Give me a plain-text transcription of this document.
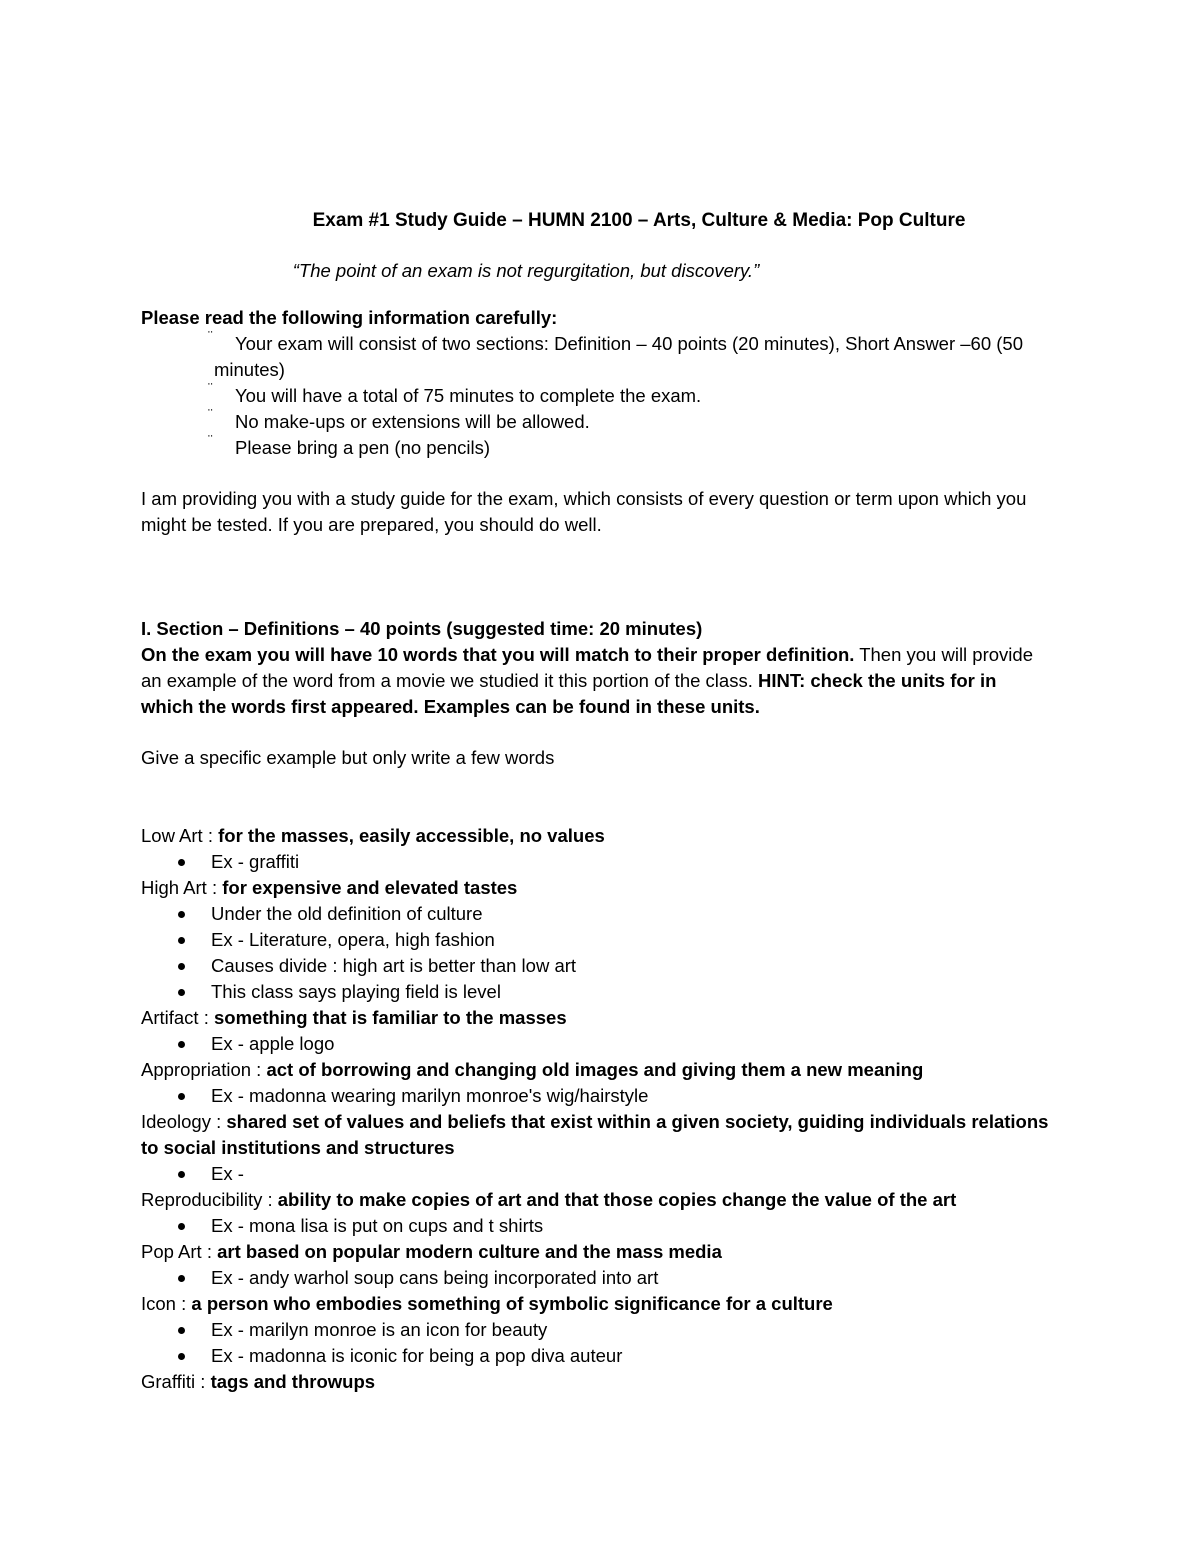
Exam #1 Study Guide – HUMN 2100 – Arts, Culture & Media: Pop Culture
“The point of an exam is not regurgitation, but discovery.”
Please read the following information carefully:
¨ Your exam will consist of two sections: Definition – 40 points (20 minutes), Short Answer –60 (50 minutes)
¨ You will have a total of 75 minutes to complete the exam.
¨ No make-ups or extensions will be allowed.
¨ Please bring a pen (no pencils)
I am providing you with a study guide for the exam, which consists of every question or term upon which you might be tested. If you are prepared, you should do well.
I. Section – Definitions – 40 points (suggested time: 20 minutes)
On the exam you will have 10 words that you will match to their proper definition. Then you will provide an example of the word from a movie we studied it this portion of the class. HINT: check the units for in which the words first appeared. Examples can be found in these units.
Give a specific example but only write a few words
Low Art : for the masses, easily accessible, no values
Ex - graffiti
High Art : for expensive and elevated tastes
Under the old definition of culture
Ex - Literature, opera, high fashion
Causes divide : high art is better than low art
This class says playing field is level
Artifact : something that is familiar to the masses
Ex - apple logo
Appropriation : act of borrowing and changing old images and giving them a new meaning
Ex - madonna wearing marilyn monroe's wig/hairstyle
Ideology : shared set of values and beliefs that exist within a given society, guiding individuals relations to social institutions and structures
Ex -
Reproducibility : ability to make copies of art and that those copies change the value of the art
Ex - mona lisa is put on cups and t shirts
Pop Art : art based on popular modern culture and the mass media
Ex - andy warhol soup cans being incorporated into art
Icon : a person who embodies something of symbolic significance for a culture
Ex - marilyn monroe is an icon for beauty
Ex - madonna is iconic for being a pop diva auteur
Graffiti : tags and throwups
